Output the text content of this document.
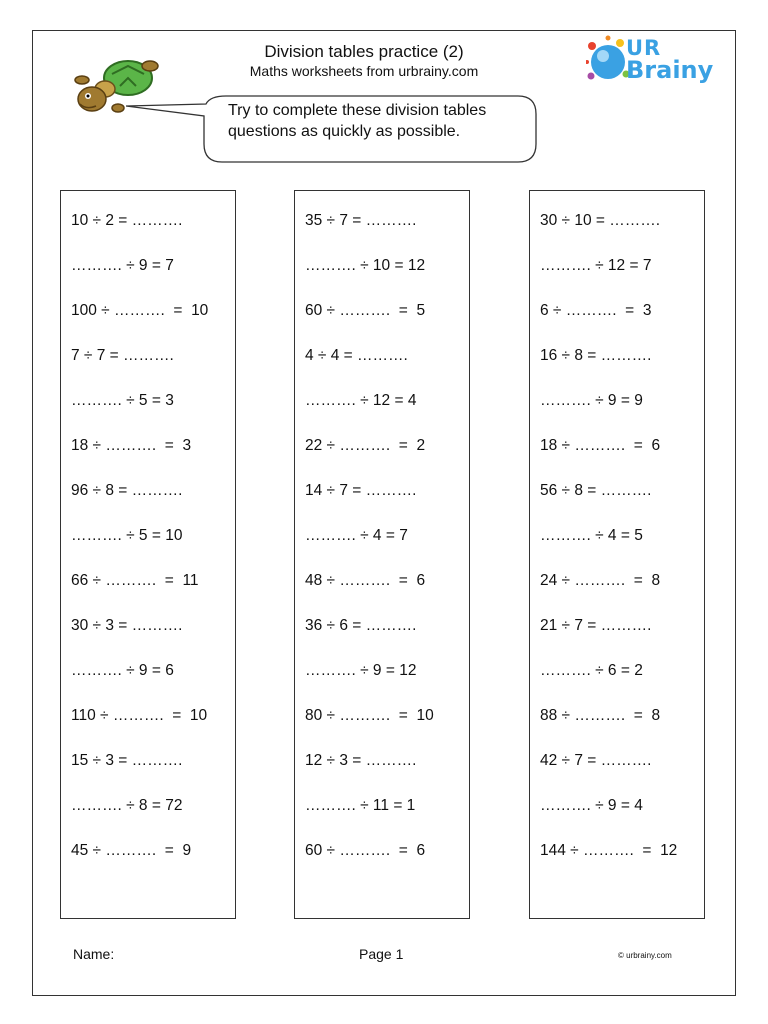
Division tables practice (2)
Maths worksheets from urbrainy.com
UR
Brainy
Try to complete these division tables questions as quickly as possible.
10 ÷ 2 = ……….
………. ÷ 9 = 7
100 ÷ ……….  =  10
7 ÷ 7 = ……….
………. ÷ 5 = 3
18 ÷ ……….  =  3
96 ÷ 8 = ……….
………. ÷ 5 = 10
66 ÷ ……….  =  11
30 ÷ 3 = ……….
………. ÷ 9 = 6
110 ÷ ……….  =  10
15 ÷ 3 = ……….
………. ÷ 8 = 72
45 ÷ ……….  =  9
35 ÷ 7 = ……….
………. ÷ 10 = 12
60 ÷ ……….  =  5
4 ÷ 4 = ……….
………. ÷ 12 = 4
22 ÷ ……….  =  2
14 ÷ 7 = ……….
………. ÷ 4 = 7
48 ÷ ……….  =  6
36 ÷ 6 = ……….
………. ÷ 9 = 12
80 ÷ ……….  =  10
12 ÷ 3 = ……….
………. ÷ 11 = 1
60 ÷ ……….  =  6
30 ÷ 10 = ……….
………. ÷ 12 = 7
6 ÷ ……….  =  3
16 ÷ 8 = ……….
………. ÷ 9 = 9
18 ÷ ……….  =  6
56 ÷ 8 = ……….
………. ÷ 4 = 5
24 ÷ ……….  =  8
21 ÷ 7 = ……….
………. ÷ 6 = 2
88 ÷ ……….  =  8
42 ÷ 7 = ……….
………. ÷ 9 = 4
144 ÷ ……….  =  12
Name:	Page 1	© urbrainy.com
